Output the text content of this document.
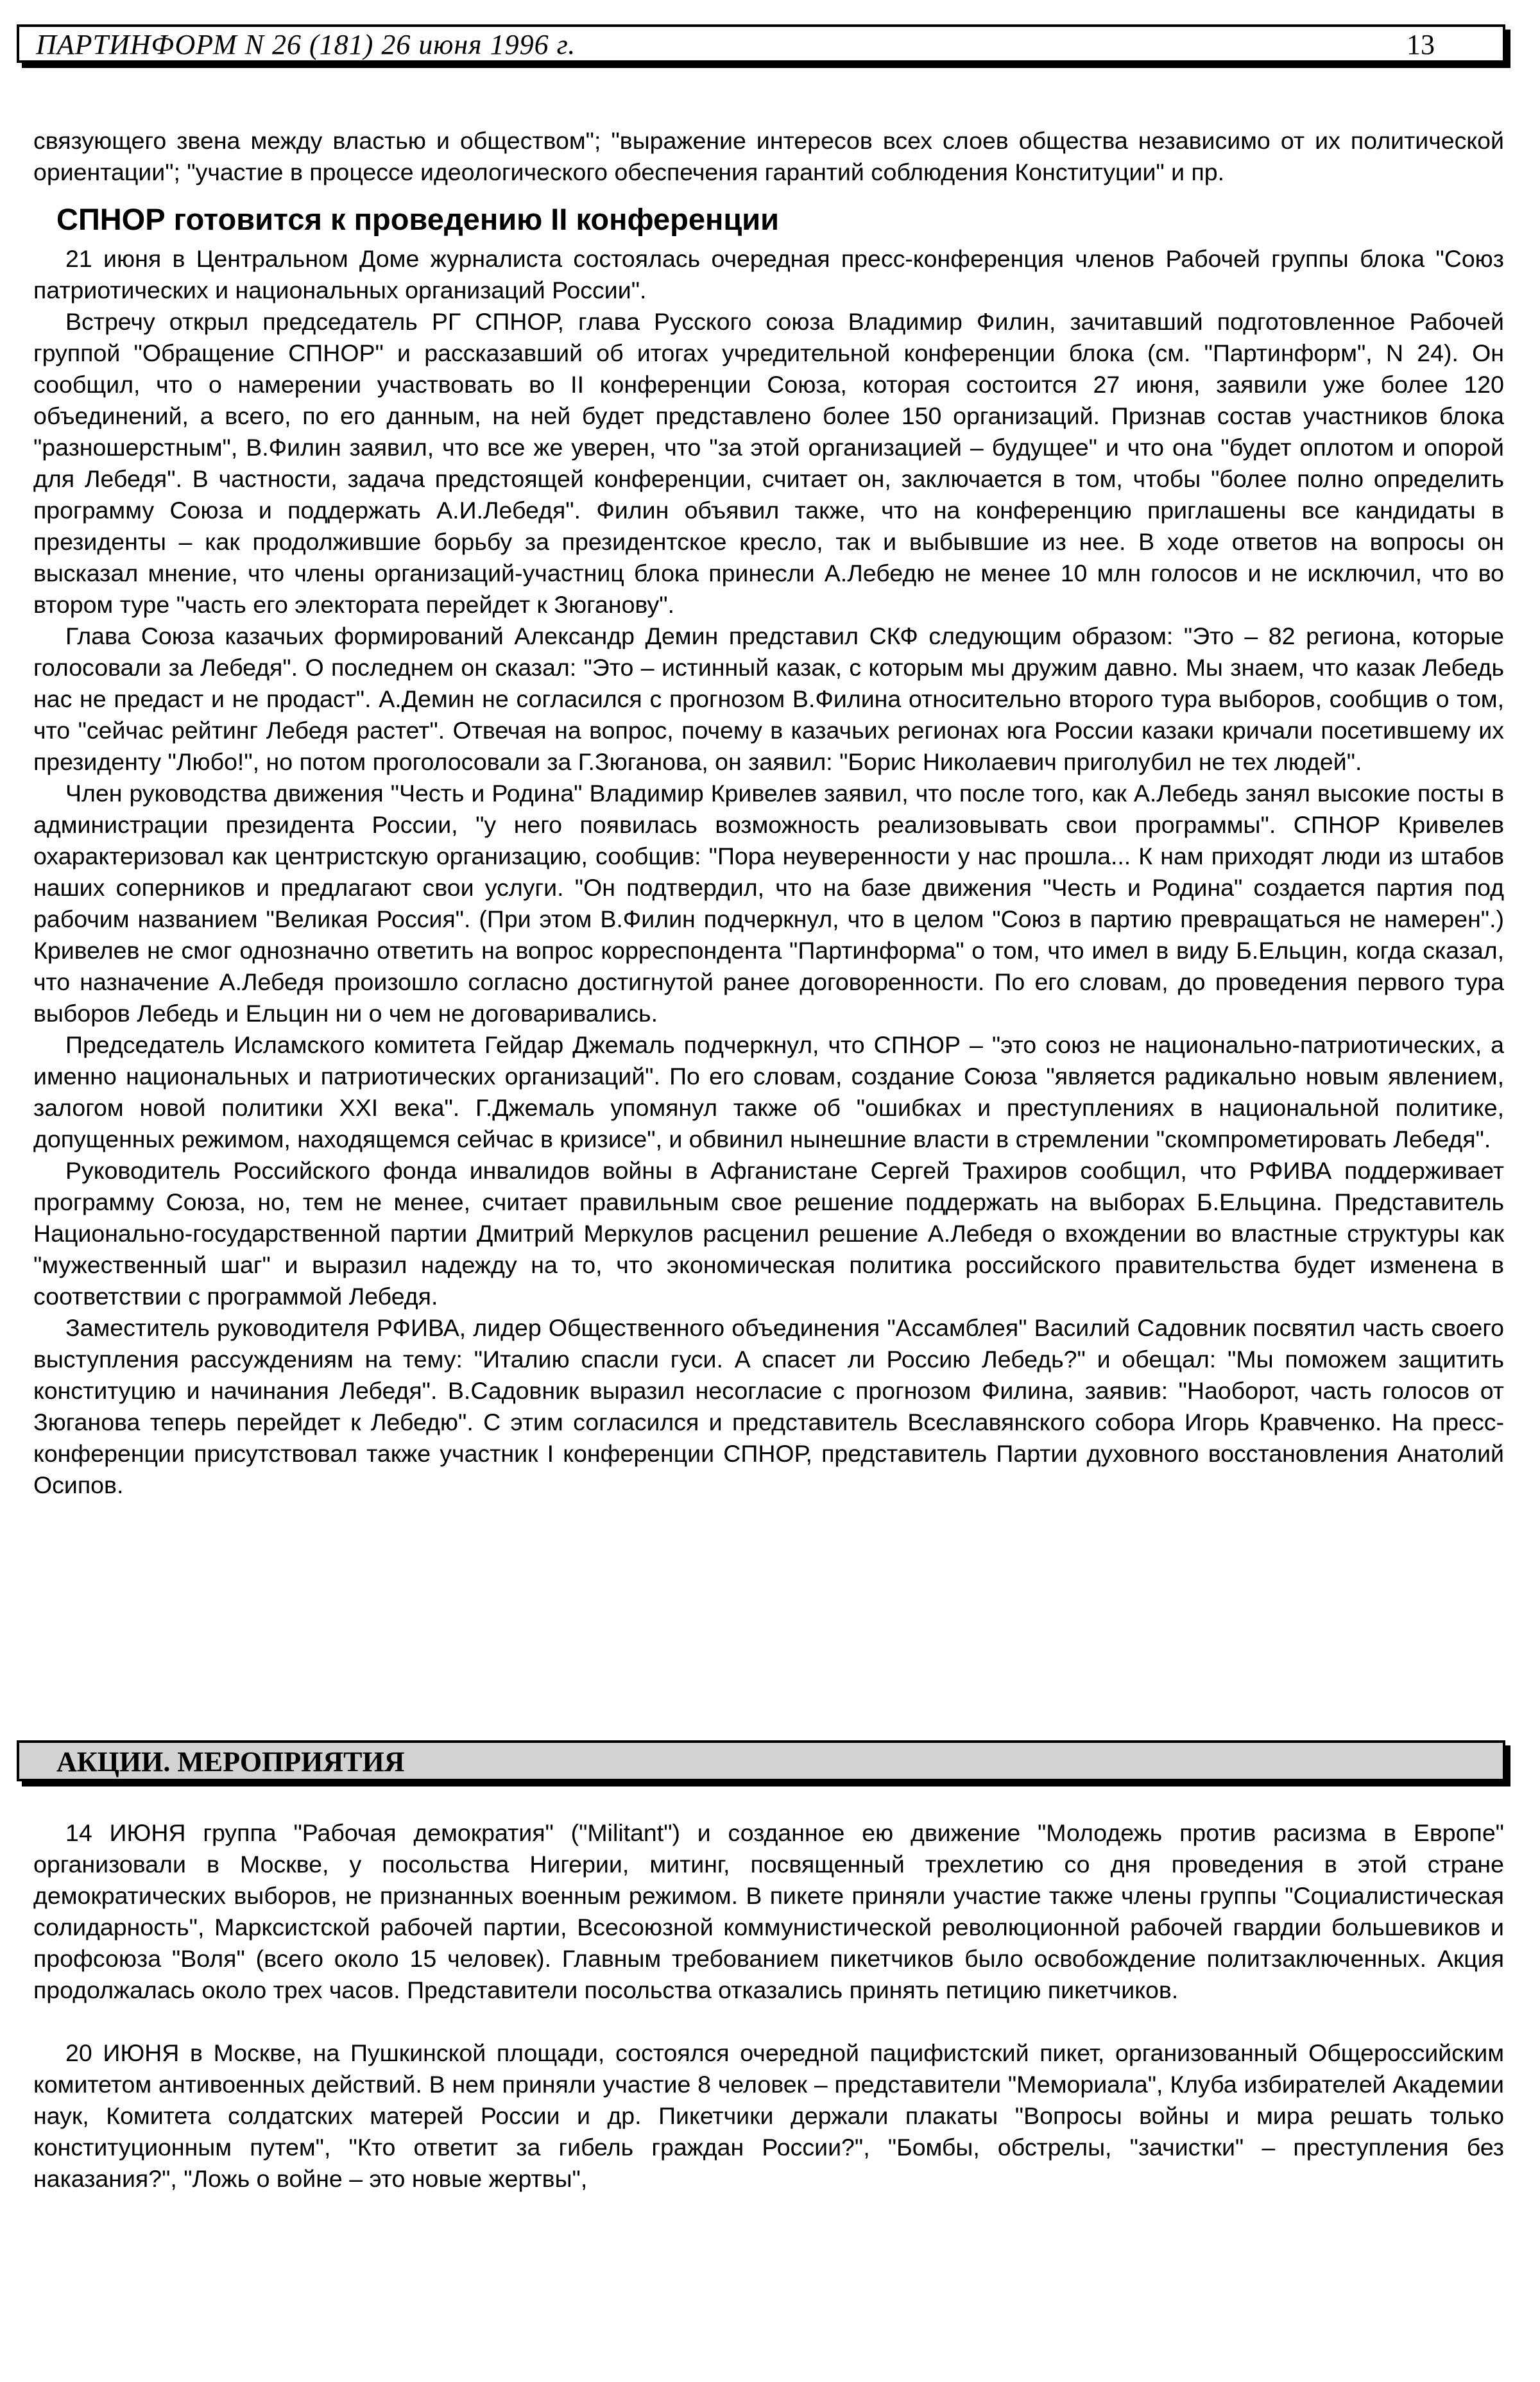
ПАРТИНФОРМ N 26 (181) 26 июня 1996 г.	13

связующего звена между властью и обществом"; "выражение интересов всех слоев общества независимо от их политической ориентации"; "участие в процессе идеологического обеспечения гарантий соблюдения Конституции" и пр.

СПНОР готовится к проведению II конференции

21 июня в Центральном Доме журналиста состоялась очередная пресс-конференция членов Рабочей группы блока "Союз патриотических и национальных организаций России".

Встречу открыл председатель РГ СПНОР, глава Русского союза Владимир Филин, зачитавший подготовленное Рабочей группой "Обращение СПНОР" и рассказавший об итогах учредительной конференции блока (см. "Партинформ", N 24). Он сообщил, что о намерении участвовать во II конференции Союза, которая состоится 27 июня, заявили уже более 120 объединений, а всего, по его данным, на ней будет представлено более 150 организаций. Признав состав участников блока "разношерстным", В.Филин заявил, что все же уверен, что "за этой организацией – будущее" и что она "будет оплотом и опорой для Лебедя". В частности, задача предстоящей конференции, считает он, заключается в том, чтобы "более полно определить программу Союза и поддержать А.И.Лебедя". Филин объявил также, что на конференцию приглашены все кандидаты в президенты – как продолжившие борьбу за президентское кресло, так и выбывшие из нее. В ходе ответов на вопросы он высказал мнение, что члены организаций-участниц блока принесли А.Лебедю не менее 10 млн голосов и не исключил, что во втором туре "часть его электората перейдет к Зюганову".

Глава Союза казачьих формирований Александр Демин представил СКФ следующим образом: "Это – 82 региона, которые голосовали за Лебедя". О последнем он сказал: "Это – истинный казак, с которым мы дружим давно. Мы знаем, что казак Лебедь нас не предаст и не продаст". А.Демин не согласился с прогнозом В.Филина относительно второго тура выборов, сообщив о том, что "сейчас рейтинг Лебедя растет". Отвечая на вопрос, почему в казачьих регионах юга России казаки кричали посетившему их президенту "Любо!", но потом проголосовали за Г.Зюганова, он заявил: "Борис Николаевич приголубил не тех людей".

Член руководства движения "Честь и Родина" Владимир Кривелев заявил, что после того, как А.Лебедь занял высокие посты в администрации президента России, "у него появилась возможность реализовывать свои программы". СПНОР Кривелев охарактеризовал как центристскую организацию, сообщив: "Пора неуверенности у нас прошла... К нам приходят люди из штабов наших соперников и предлагают свои услуги. "Он подтвердил, что на базе движения "Честь и Родина" создается партия под рабочим названием "Великая Россия". (При этом В.Филин подчеркнул, что в целом "Союз в партию превращаться не намерен".) Кривелев не смог однозначно ответить на вопрос корреспондента "Партинформа" о том, что имел в виду Б.Ельцин, когда сказал, что назначение А.Лебедя произошло согласно достигнутой ранее договоренности. По его словам, до проведения первого тура выборов Лебедь и Ельцин ни о чем не договаривались.

Председатель Исламского комитета Гейдар Джемаль подчеркнул, что СПНОР – "это союз не национально-патриотических, а именно национальных и патриотических организаций". По его словам, создание Союза "является радикально новым явлением, залогом новой политики XXI века". Г.Джемаль упомянул также об "ошибках и преступлениях в национальной политике, допущенных режимом, находящемся сейчас в кризисе", и обвинил нынешние власти в стремлении "скомпрометировать Лебедя".

Руководитель Российского фонда инвалидов войны в Афганистане Сергей Трахиров сообщил, что РФИВА поддерживает программу Союза, но, тем не менее, считает правильным свое решение поддержать на выборах Б.Ельцина. Представитель Национально-государственной партии Дмитрий Меркулов расценил решение А.Лебедя о вхождении во властные структуры как "мужественный шаг" и выразил надежду на то, что экономическая политика российского правительства будет изменена в соответствии с программой Лебедя.

Заместитель руководителя РФИВА, лидер Общественного объединения "Ассамблея" Василий Садовник посвятил часть своего выступления рассуждениям на тему: "Италию спасли гуси. А спасет ли Россию Лебедь?" и обещал: "Мы поможем защитить конституцию и начинания Лебедя". В.Садовник выразил несогласие с прогнозом Филина, заявив: "Наоборот, часть голосов от Зюганова теперь перейдет к Лебедю". С этим согласился и представитель Всеславянского собора Игорь Кравченко. На пресс-конференции присутствовал также участник I конференции СПНОР, представитель Партии духовного восстановления Анатолий Осипов.

АКЦИИ. МЕРОПРИЯТИЯ

14 ИЮНЯ группа "Рабочая демократия" ("Militant") и созданное ею движение "Молодежь против расизма в Европе" организовали в Москве, у посольства Нигерии, митинг, посвященный трехлетию со дня проведения в этой стране демократических выборов, не признанных военным режимом. В пикете приняли участие также члены группы "Социалистическая солидарность", Марксистской рабочей партии, Всесоюзной коммунистической революционной рабочей гвардии большевиков и профсоюза "Воля" (всего около 15 человек). Главным требованием пикетчиков было освобождение политзаключенных. Акция продолжалась около трех часов. Представители посольства отказались принять петицию пикетчиков.

20 ИЮНЯ в Москве, на Пушкинской площади, состоялся очередной пацифистский пикет, организованный Общероссийским комитетом антивоенных действий. В нем приняли участие 8 человек – представители "Мемориала", Клуба избирателей Академии наук, Комитета солдатских матерей России и др. Пикетчики держали плакаты "Вопросы войны и мира решать только конституционным путем", "Кто ответит за гибель граждан России?", "Бомбы, обстрелы, "зачистки" – преступления без наказания?", "Ложь о войне – это новые жертвы",
